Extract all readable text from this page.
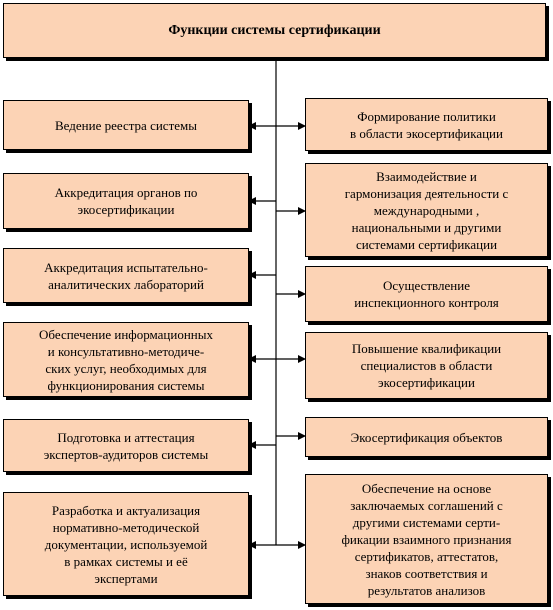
Функции системы сертификации
Ведение реестра системы
Аккредитация органов по
экосертификации
Аккредитация испытательно-
аналитических лабораторий
Обеспечение информационных
и консультативно-методиче-
ских услуг, необходимых для
функционирования системы
Подготовка и аттестация
экспертов-аудиторов системы
Разработка и актуализация
нормативно-методической
документации, используемой
в рамках системы и её
экспертами
Формирование политики
в области экосертификации
Взаимодействие и
гармонизация деятельности с
международными ,
национальными и другими
системами сертификации
Осуществление
инспекционного контроля
Повышение квалификации
специалистов в области
экосертификации
Экосертификация объектов
Обеспечение на основе
заключаемых соглашений с
другими системами серти-
фикации взаимного признания
сертификатов, аттестатов,
знаков соответствия и
результатов анализов
